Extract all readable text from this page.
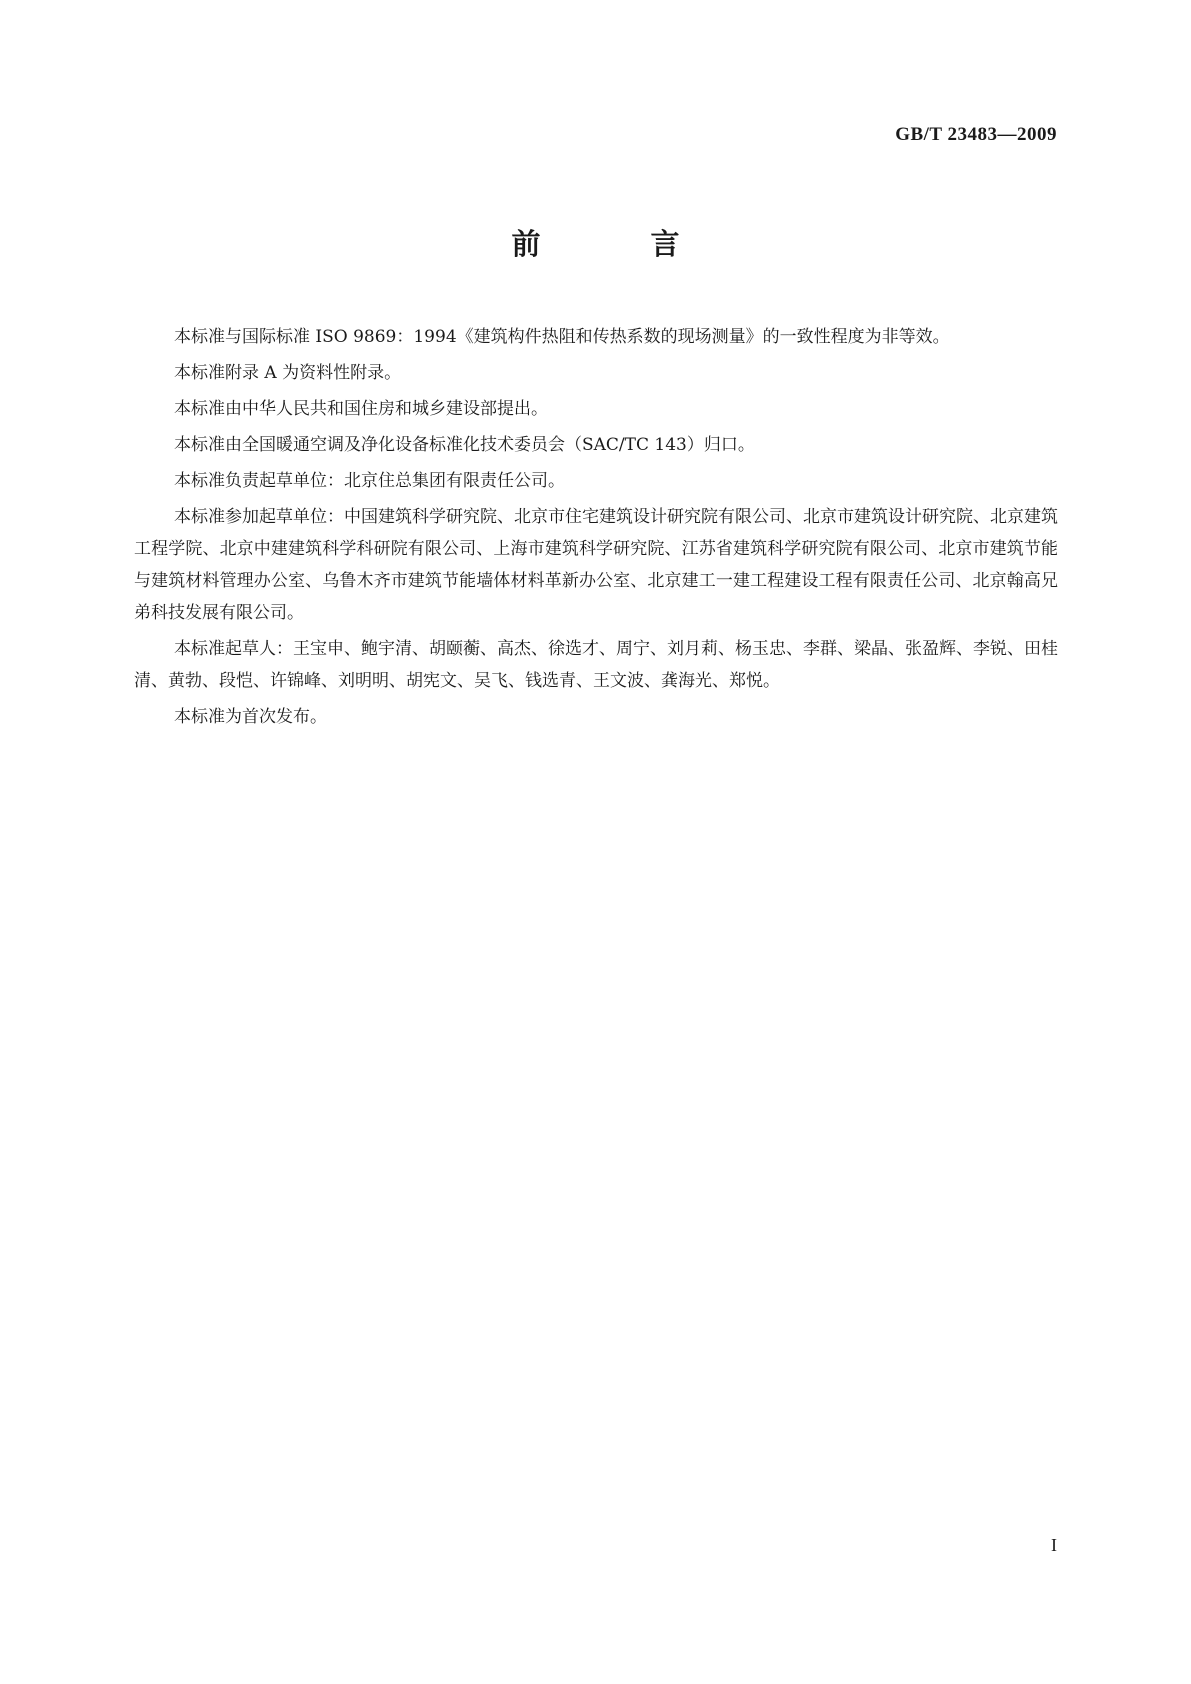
GB/T 23483—2009
前 言

本标准与国际标准 ISO 9869：1994《建筑构件热阻和传热系数的现场测量》的一致性程度为非等效。

本标准附录 A 为资料性附录。

本标准由中华人民共和国住房和城乡建设部提出。

本标准由全国暖通空调及净化设备标准化技术委员会（SAC/TC 143）归口。

本标准负责起草单位：北京住总集团有限责任公司。

本标准参加起草单位：中国建筑科学研究院、北京市住宅建筑设计研究院有限公司、北京市建筑设计研究院、北京建筑工程学院、北京中建建筑科学科研院有限公司、上海市建筑科学研究院、江苏省建筑科学研究院有限公司、北京市建筑节能与建筑材料管理办公室、乌鲁木齐市建筑节能墙体材料革新办公室、北京建工一建工程建设工程有限责任公司、北京翰高兄弟科技发展有限公司。

本标准起草人：王宝申、鲍宇清、胡颐蘅、高杰、徐选才、周宁、刘月莉、杨玉忠、李群、梁晶、张盈辉、李锐、田桂清、黄勃、段恺、许锦峰、刘明明、胡宪文、吴飞、钱选青、王文波、龚海光、郑悦。

本标准为首次发布。

I
